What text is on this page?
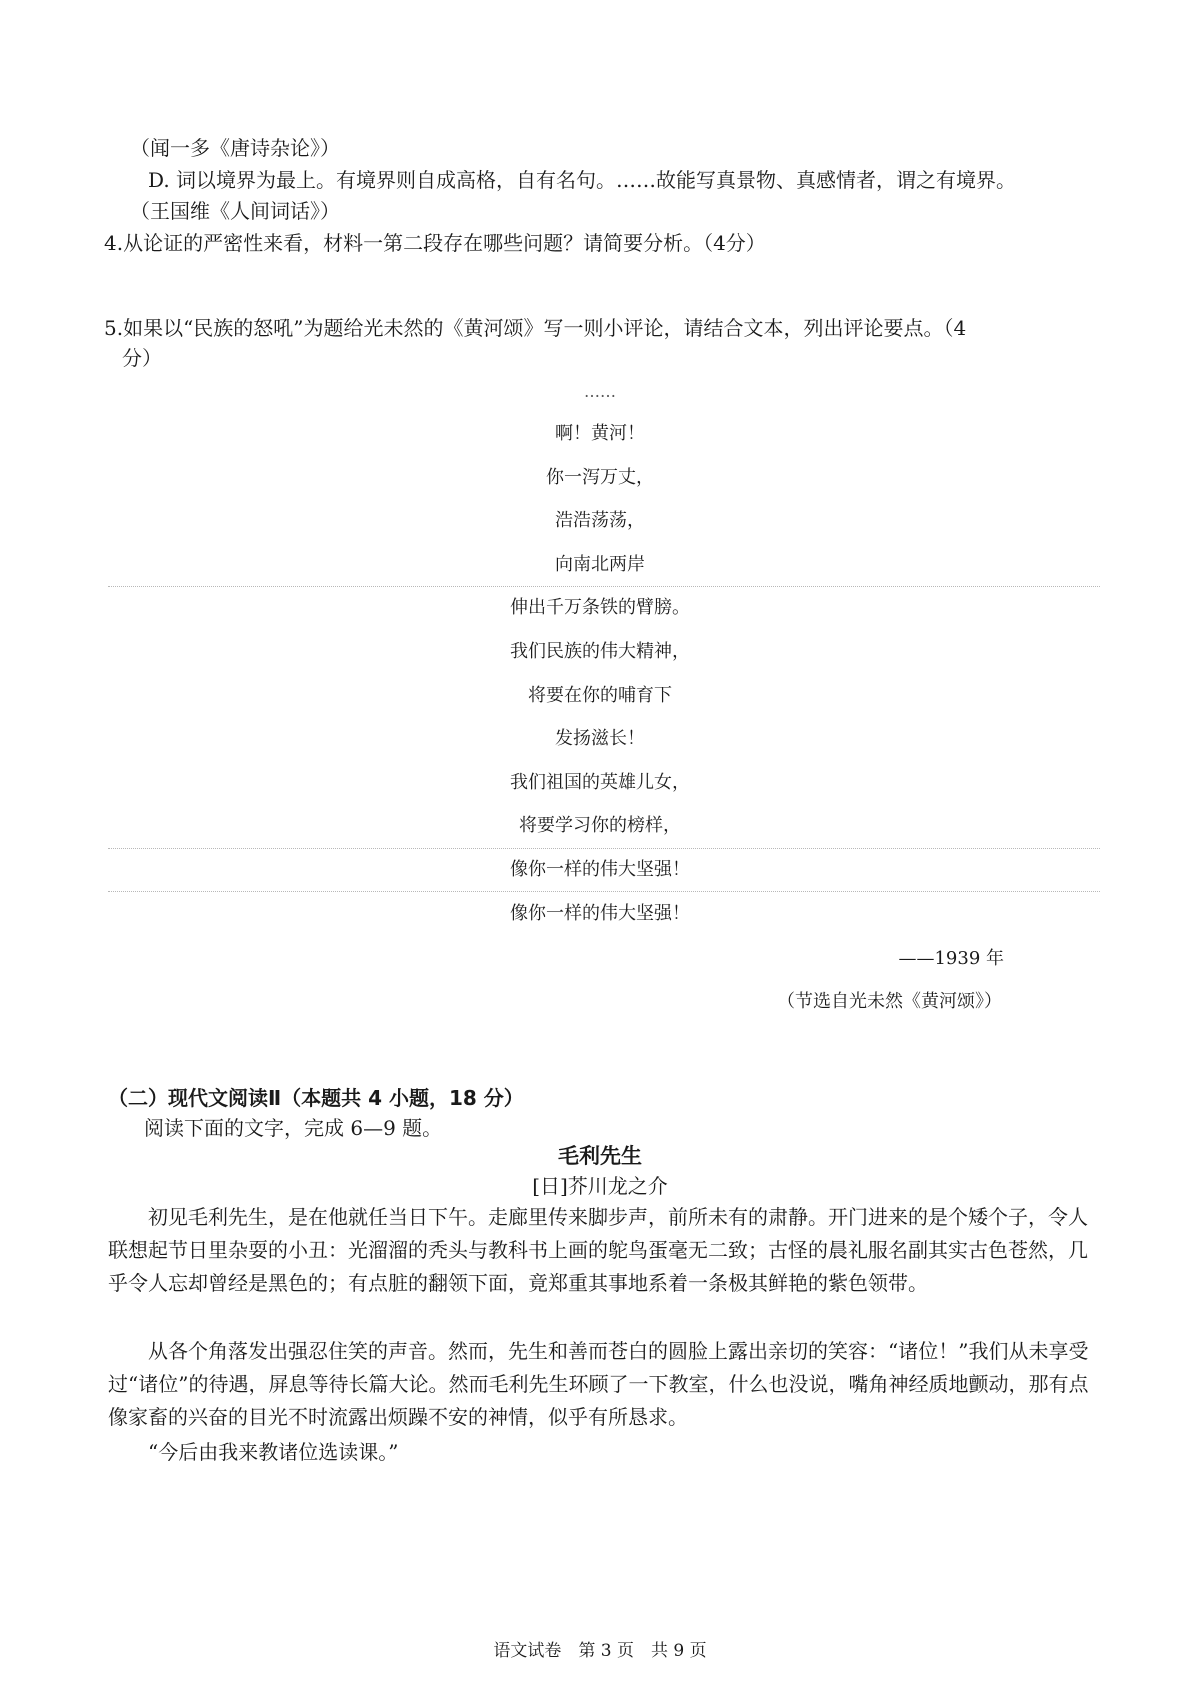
（闻一多《唐诗杂论》）
D. 词以境界为最上。有境界则自成高格，自有名句。……故能写真景物、真感情者，谓之有境界。
（王国维《人间词话》）
4.从论证的严密性来看，材料一第二段存在哪些问题？请简要分析。（4分）
5.如果以“民族的怒吼”为题给光未然的《黄河颂》写一则小评论，请结合文本，列出评论要点。（4
分）
……
啊！黄河！
你一泻万丈，
浩浩荡荡，
向南北两岸
伸出千万条铁的臂膀。
我们民族的伟大精神，
将要在你的哺育下
发扬滋长！
我们祖国的英雄儿女，
将要学习你的榜样，
像你一样的伟大坚强！
像你一样的伟大坚强！
——1939 年
（节选自光未然《黄河颂》）
（二）现代文阅读Ⅱ（本题共 4 小题，18 分）
阅读下面的文字，完成 6—9 题。
毛利先生
[日]芥川龙之介
初见毛利先生，是在他就任当日下午。走廊里传来脚步声，前所未有的肃静。开门进来的是个矮个子，令人联想起节日里杂耍的小丑：光溜溜的秃头与教科书上画的鸵鸟蛋毫无二致；古怪的晨礼服名副其实古色苍然，几乎令人忘却曾经是黑色的；有点脏的翻领下面，竟郑重其事地系着一条极其鲜艳的紫色领带。
从各个角落发出强忍住笑的声音。然而，先生和善而苍白的圆脸上露出亲切的笑容：“诸位！”我们从未享受过“诸位”的待遇，屏息等待长篇大论。然而毛利先生环顾了一下教室，什么也没说，嘴角神经质地颤动，那有点像家畜的兴奋的目光不时流露出烦躁不安的神情，似乎有所恳求。
“今后由我来教诸位选读课。”
语文试卷　第 3 页　共 9 页
